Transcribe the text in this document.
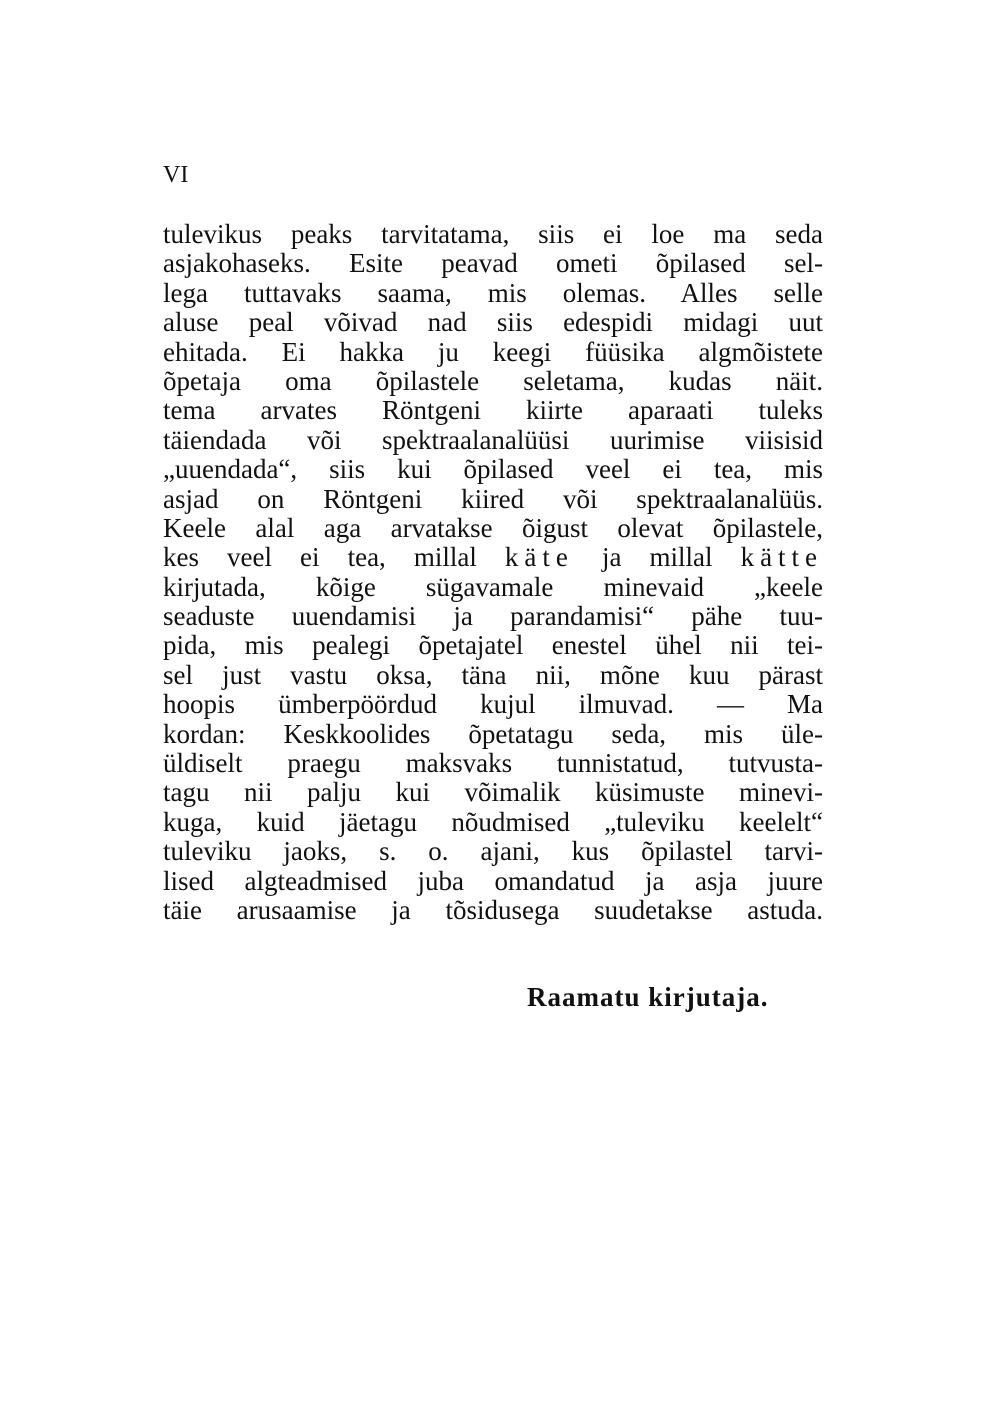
VI
tulevikus peaks tarvitatama, siis ei loe ma seda
asjakohaseks. Esite peavad ometi õpilased sel-
lega tuttavaks saama, mis olemas. Alles selle
aluse peal võivad nad siis edespidi midagi uut
ehitada. Ei hakka ju keegi füüsika algmõistete
õpetaja oma õpilastele seletama, kudas näit.
tema arvates Röntgeni kiirte aparaati tuleks
täiendada või spektraalanalüüsi uurimise viisisid
„uuendada“, siis kui õpilased veel ei tea, mis
asjad on Röntgeni kiired või spektraalanalüüs.
Keele alal aga arvatakse õigust olevat õpilastele,
kes veel ei tea, millal käte ja millal kätte
kirjutada, kõige sügavamale minevaid „keele
seaduste uuendamisi ja parandamisi“ pähe tuu-
pida, mis pealegi õpetajatel enestel ühel nii tei-
sel just vastu oksa, täna nii, mõne kuu pärast
hoopis ümberpöördud kujul ilmuvad. — Ma
kordan: Keskkoolides õpetatagu seda, mis üle-
üldiselt praegu maksvaks tunnistatud, tutvusta-
tagu nii palju kui võimalik küsimuste minevi-
kuga, kuid jäetagu nõudmised „tuleviku keelelt“
tuleviku jaoks, s. o. ajani, kus õpilastel tarvi-
lised algteadmised juba omandatud ja asja juure
täie arusaamise ja tõsidusega suudetakse astuda.
Raamatu kirjutaja.
